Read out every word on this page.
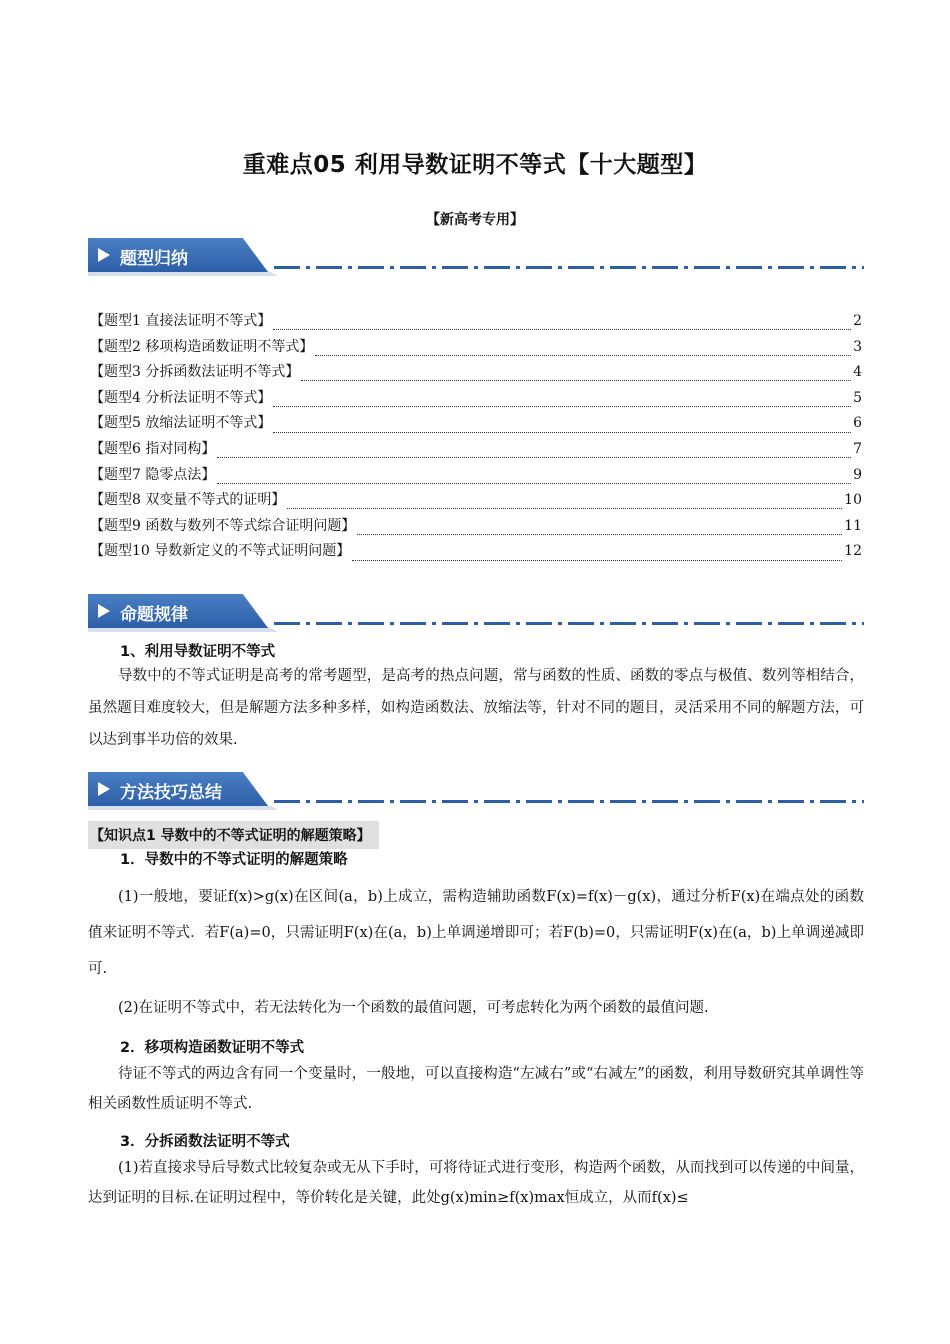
重难点05 利用导数证明不等式【十大题型】
【新高考专用】
题型归纳
【题型1 直接法证明不等式】	2
【题型2 移项构造函数证明不等式】	3
【题型3 分拆函数法证明不等式】	4
【题型4 分析法证明不等式】	5
【题型5 放缩法证明不等式】	6
【题型6 指对同构】	7
【题型7 隐零点法】	9
【题型8 双变量不等式的证明】	10
【题型9 函数与数列不等式综合证明问题】	11
【题型10 导数新定义的不等式证明问题】	12
命题规律
1、利用导数证明不等式
导数中的不等式证明是高考的常考题型，是高考的热点问题，常与函数的性质、函数的零点与极值、数列等相结合，虽然题目难度较大，但是解题方法多种多样，如构造函数法、放缩法等，针对不同的题目，灵活采用不同的解题方法，可以达到事半功倍的效果.
方法技巧总结
【知识点1 导数中的不等式证明的解题策略】
1．导数中的不等式证明的解题策略
(1)一般地，要证f(x)>g(x)在区间(a，b)上成立，需构造辅助函数F(x)=f(x)－g(x)，通过分析F(x)在端点处的函数值来证明不等式．若F(a)=0，只需证明F(x)在(a，b)上单调递增即可；若F(b)=0，只需证明F(x)在(a，b)上单调递减即可.
(2)在证明不等式中，若无法转化为一个函数的最值问题，可考虑转化为两个函数的最值问题.
2．移项构造函数证明不等式
待证不等式的两边含有同一个变量时，一般地，可以直接构造“左减右”或“右减左”的函数，利用导数研究其单调性等相关函数性质证明不等式.
3．分拆函数法证明不等式
(1)若直接求导后导数式比较复杂或无从下手时，可将待证式进行变形，构造两个函数，从而找到可以传递的中间量，达到证明的目标.在证明过程中，等价转化是关键，此处g(x)min≥f(x)max恒成立，从而f(x)≤
